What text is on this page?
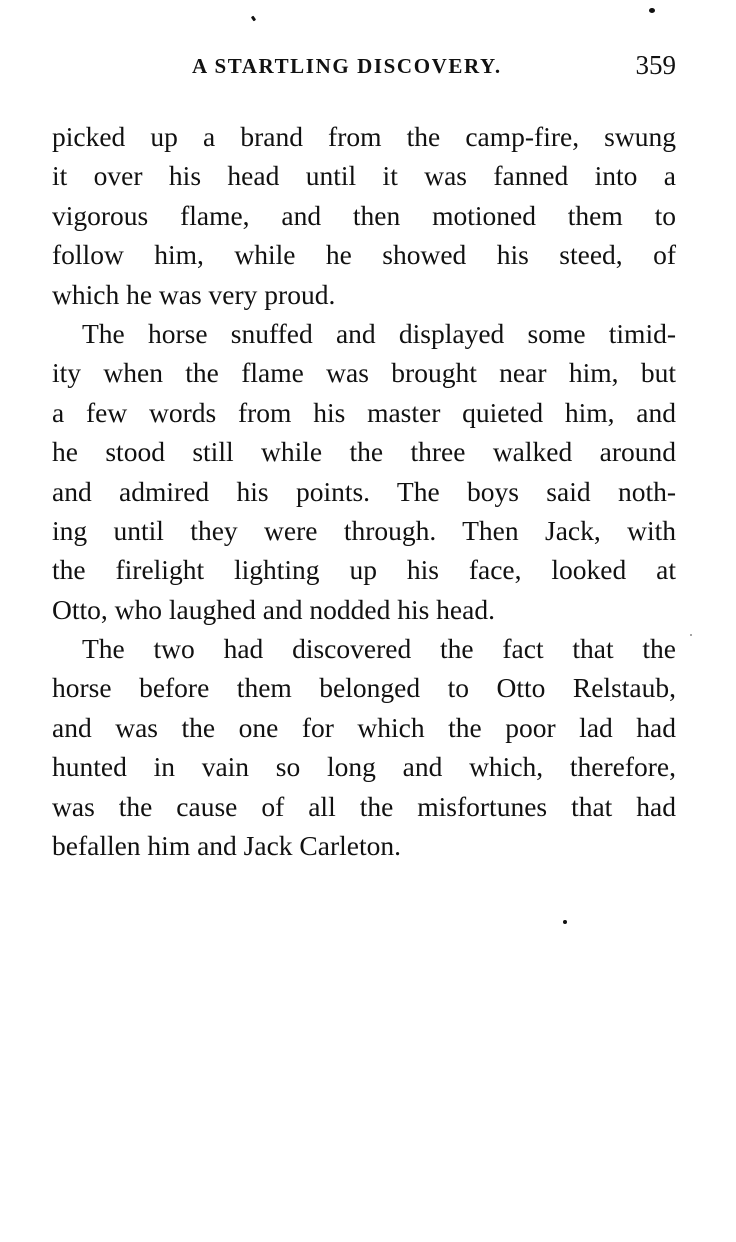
A STARTLING DISCOVERY.	359
picked up a brand from the camp-fire, swung
it over his head until it was fanned into a
vigorous flame, and then motioned them to
follow him, while he showed his steed, of
which he was very proud.
The horse snuffed and displayed some timid-
ity when the flame was brought near him, but
a few words from his master quieted him, and
he stood still while the three walked around
and admired his points. The boys said noth-
ing until they were through. Then Jack, with
the firelight lighting up his face, looked at
Otto, who laughed and nodded his head.
The two had discovered the fact that the
horse before them belonged to Otto Relstaub,
and was the one for which the poor lad had
hunted in vain so long and which, therefore,
was the cause of all the misfortunes that had
befallen him and Jack Carleton.
